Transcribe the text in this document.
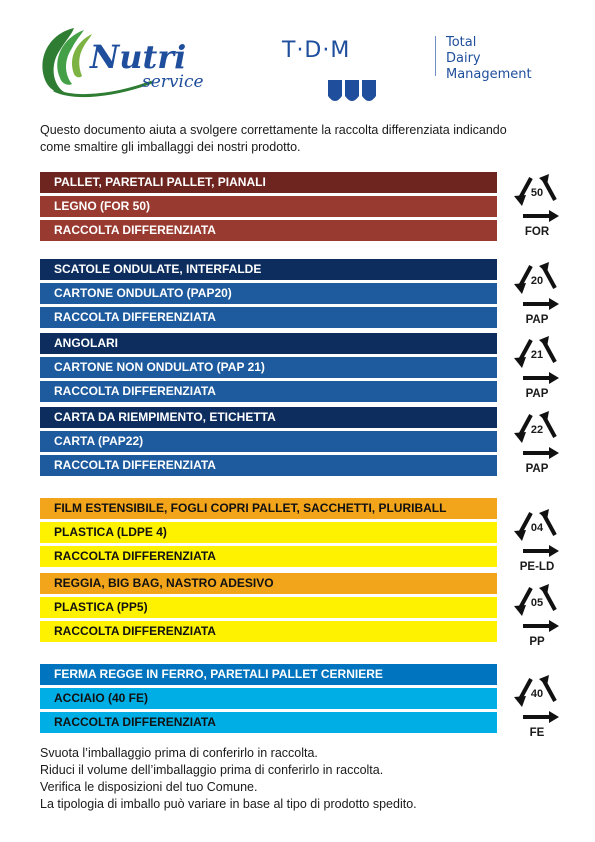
Nutri
service
T·D·M	Total
Dairy
Management
Questo documento aiuta a svolgere correttamente la raccolta differenziata indicando come smaltire gli imballaggi dei nostri prodotto.
PALLET, PARETALI PALLET, PIANALI
LEGNO (FOR 50)
RACCOLTA DIFFERENZIATA
50
FOR
SCATOLE ONDULATE, INTERFALDE
CARTONE ONDULATO (PAP20)
RACCOLTA DIFFERENZIATA
20
PAP
ANGOLARI
CARTONE NON ONDULATO (PAP 21)
RACCOLTA DIFFERENZIATA
21
PAP
CARTA DA RIEMPIMENTO, ETICHETTA
CARTA (PAP22)
RACCOLTA DIFFERENZIATA
22
PAP
FILM ESTENSIBILE, FOGLI COPRI PALLET, SACCHETTI, PLURIBALL
PLASTICA (LDPE 4)
RACCOLTA DIFFERENZIATA
04
PE-LD
REGGIA, BIG BAG, NASTRO ADESIVO
PLASTICA (PP5)
RACCOLTA DIFFERENZIATA
05
PP
FERMA REGGE IN FERRO, PARETALI PALLET CERNIERE
ACCIAIO (40 FE)
RACCOLTA DIFFERENZIATA
40
FE
Svuota l’imballaggio prima di conferirlo in raccolta.
Riduci il volume dell’imballaggio prima di conferirlo in raccolta.
Verifica le disposizioni del tuo Comune.
La tipologia di imballo può variare in base al tipo di prodotto spedito.
